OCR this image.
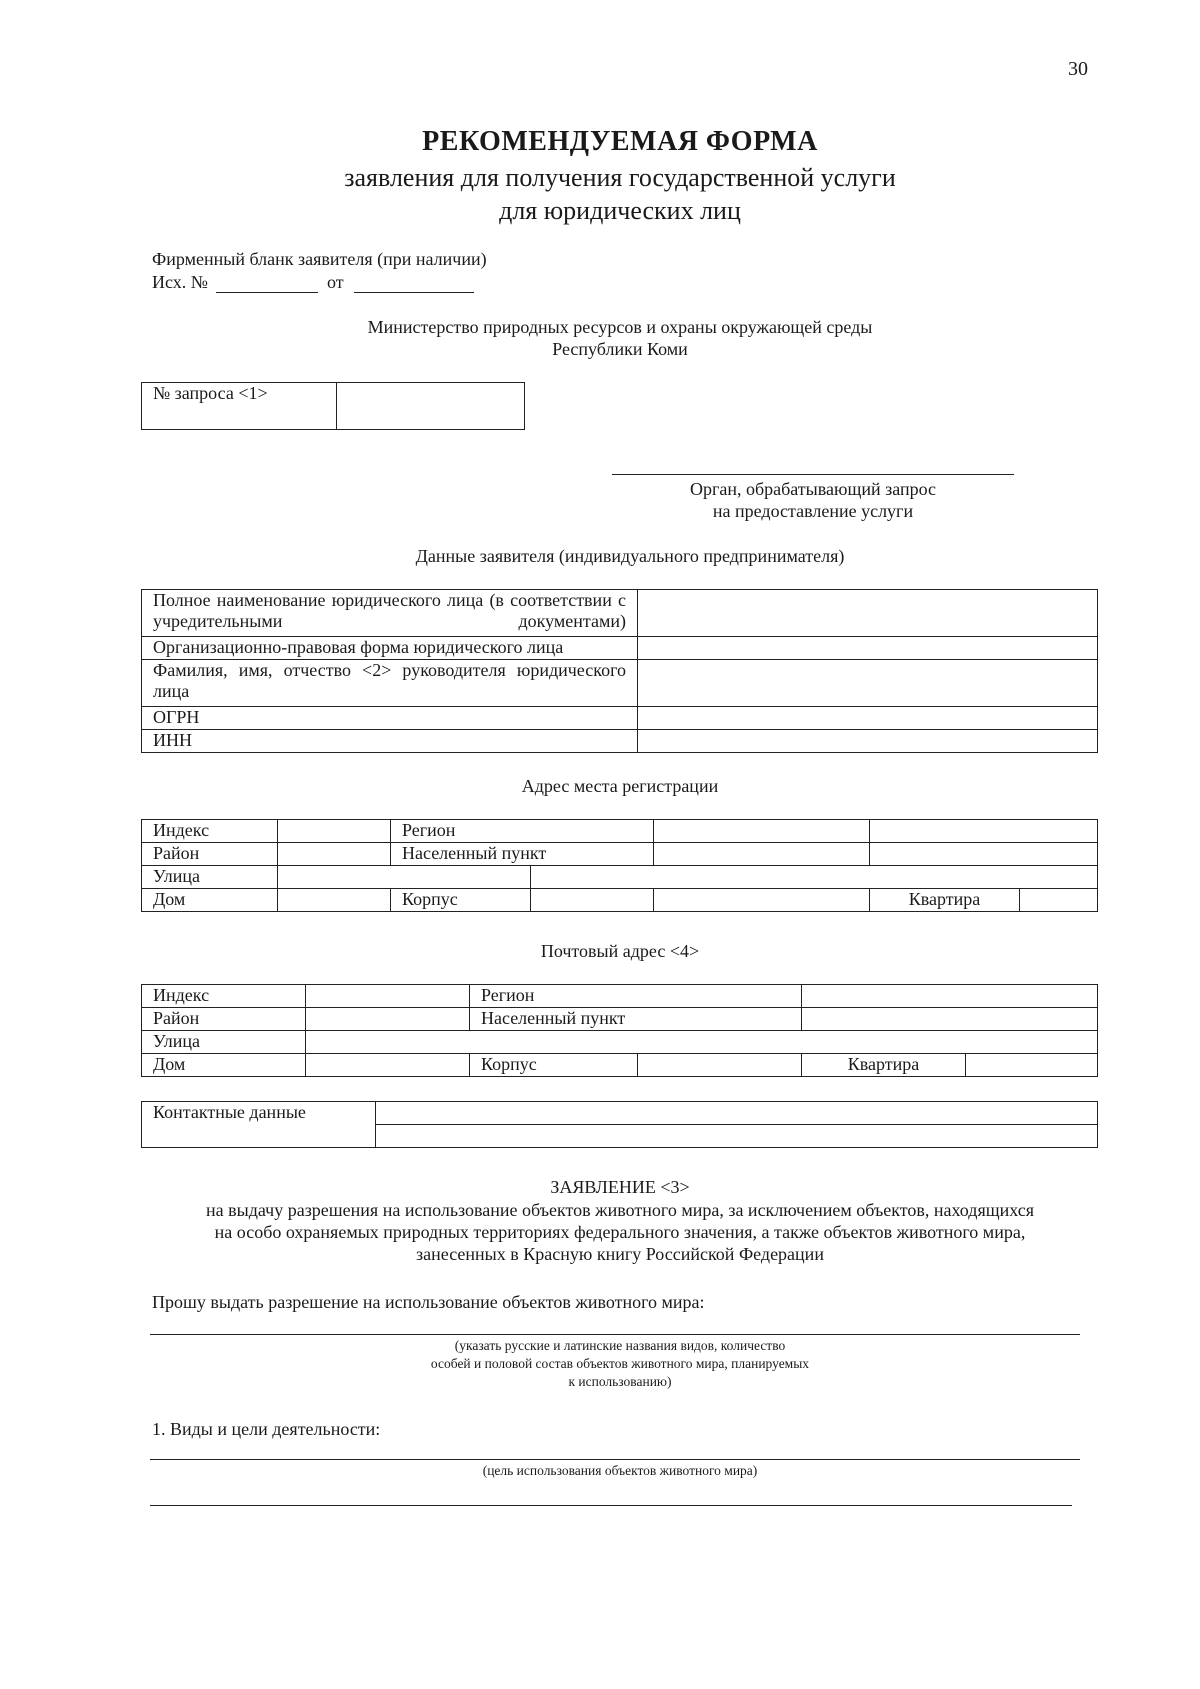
30
РЕКОМЕНДУЕМАЯ ФОРМА
заявления для получения государственной услуги
для юридических лиц
Фирменный бланк заявителя (при наличии)
Исх. №	от
Министерство природных ресурсов и охраны окружающей среды
Республики Коми
№ запроса <1>	
Орган, обрабатывающий запрос
на предоставление услуги
Данные заявителя (индивидуального предпринимателя)
Полное наименование юридического лица (в соответствии с учредительными документами)	
Организационно-правовая форма юридического лица	
Фамилия, имя, отчество <2> руководителя юридического лица	
ОГРН	
ИНН	
Адрес места регистрации
Индекс		Регион				
Район		Населенный пункт				
Улица						
Дом		Корпус			Квартира	
Почтовый адрес <4>
Индекс		Регион			
Район		Населенный пункт			
Улица					
Дом		Корпус		Квартира	
Контактные данные	

ЗАЯВЛЕНИЕ <3>
на выдачу разрешения на использование объектов животного мира, за исключением объектов, находящихся
на особо охраняемых природных территориях федерального значения, а также объектов животного мира,
занесенных в Красную книгу Российской Федерации
Прошу выдать разрешение на использование объектов животного мира:
(указать русские и латинские названия видов, количество
особей и половой состав объектов животного мира, планируемых
к использованию)
1. Виды и цели деятельности:
(цель использования объектов животного мира)
